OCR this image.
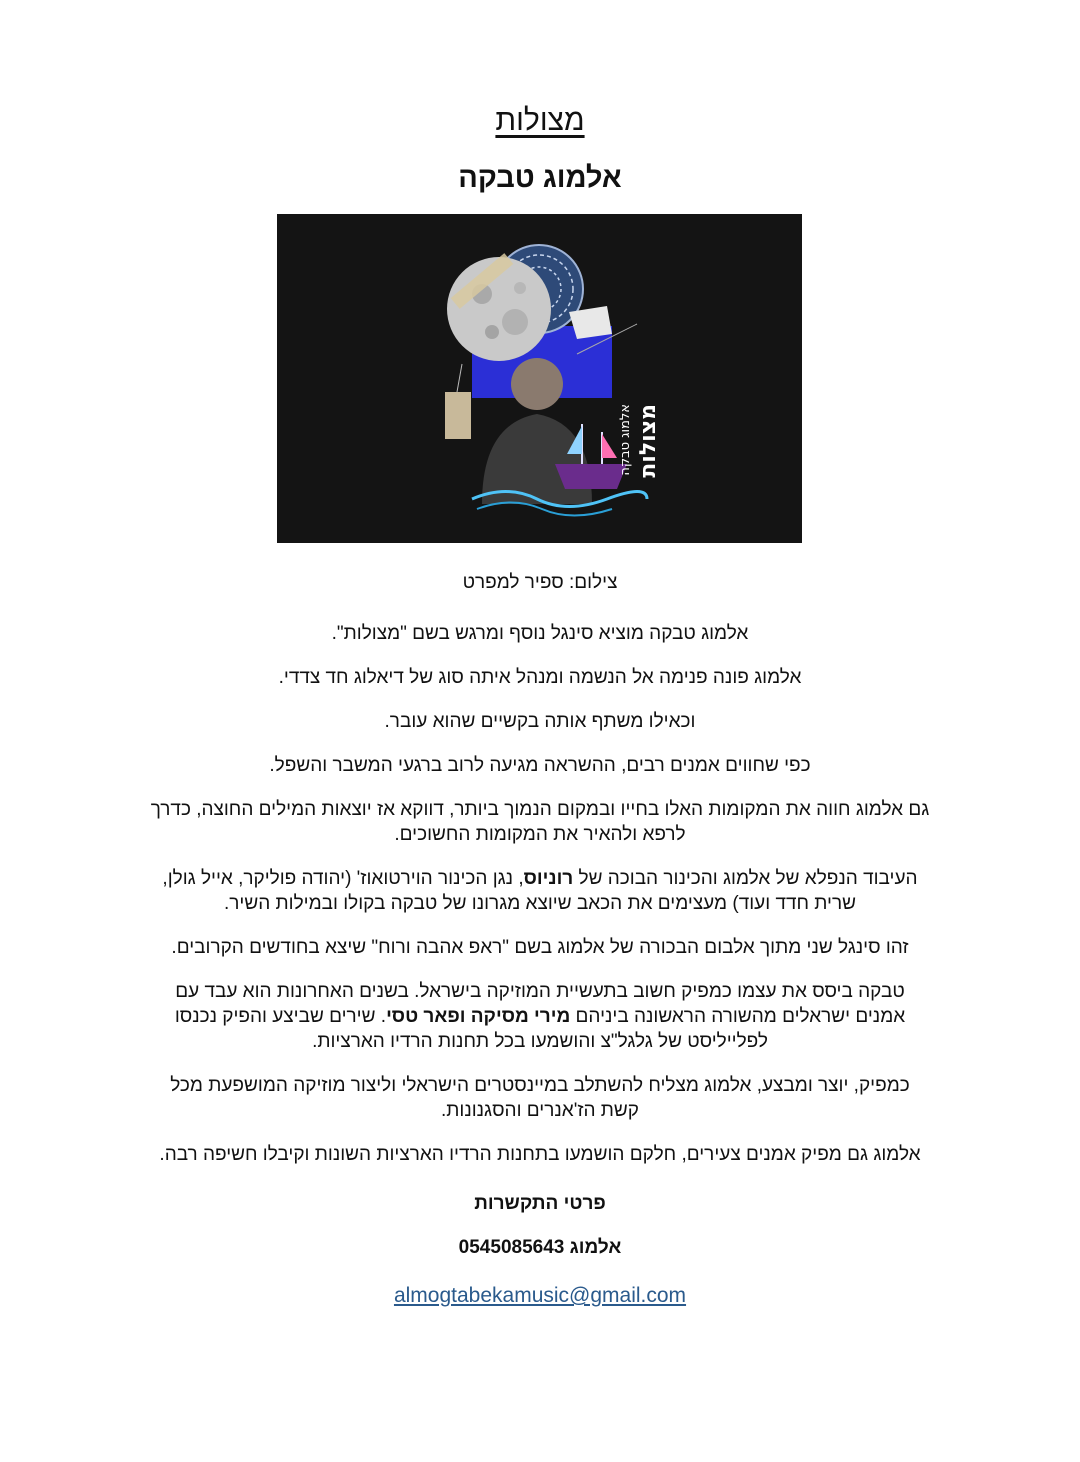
מצולות
אלמוג טבקה
אלמוג טבקה מצולות
צילום: ספיר למפרט

אלמוג טבקה מוציא סינגל נוסף ומרגש בשם "מצולות".

אלמוג פונה פנימה אל הנשמה ומנהל איתה סוג של דיאלוג חד צדדי.

וכאילו משתף אותה בקשיים שהוא עובר.

כפי שחווים אמנים רבים, ההשראה מגיעה לרוב ברגעי המשבר והשפל.

גם אלמוג חווה את המקומות האלו בחייו ובמקום הנמוך ביותר, דווקא אז יוצאות המילים החוצה, כדרך לרפא ולהאיר את המקומות החשוכים.

העיבוד הנפלא של אלמוג והכינור הבוכה של רוניוס, נגן הכינור הוירטואוז' (יהודה פוליקר, אייל גולן, שרית חדד ועוד) מעצימים את הכאב שיוצא מגרונו של טבקה בקולו ובמילות השיר.

זהו סינגל שני מתוך אלבום הבכורה של אלמוג בשם "ראפ אהבה ורוח" שיצא בחודשים הקרובים.

טבקה ביסס את עצמו כמפיק חשוב בתעשיית המוזיקה בישראל. בשנים האחרונות הוא עבד עם אמנים ישראלים מהשורה הראשונה ביניהם מירי מסיקה ופאר טסי. שירים שביצע והפיק נכנסו לפלייליסט של גלגל"צ והושמעו בכל תחנות הרדיו הארציות.

כמפיק, יוצר ומבצע, אלמוג מצליח להשתלב במיינסטרים הישראלי וליצור מוזיקה המושפעת מכל קשת הז'אנרים והסגנונות.

אלמוג גם מפיק אמנים צעירים, חלקם הושמעו בתחנות הרדיו הארציות השונות וקיבלו חשיפה רבה.

פרטי התקשרות

אלמוג 0545085643

almogtabekamusic@gmail.com
